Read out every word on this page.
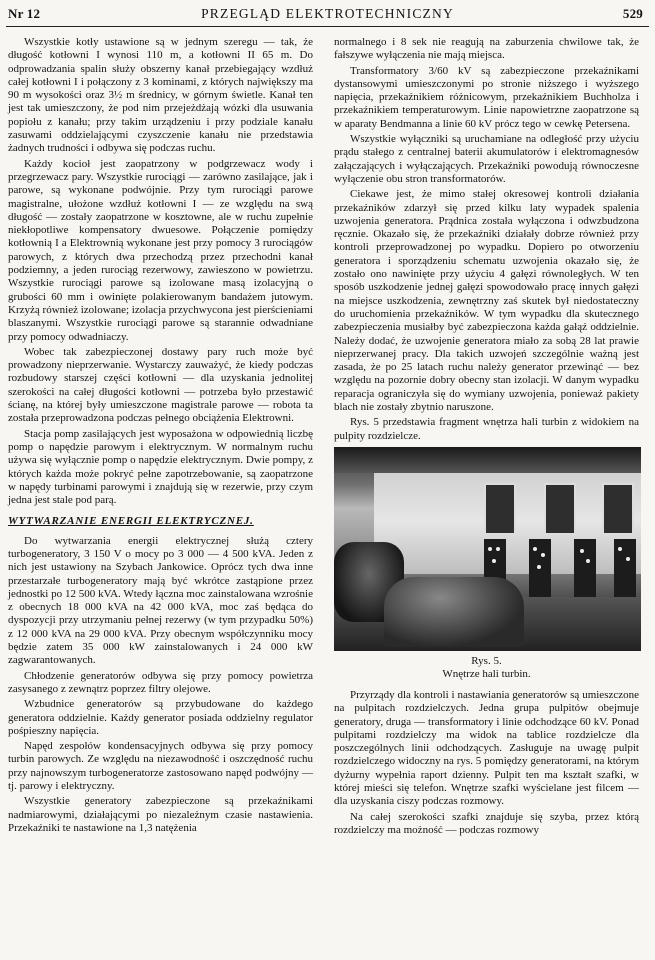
Nr 12	PRZEGLĄD ELEKTROTECHNICZNY	529

Wszystkie kotły ustawione są w jednym szeregu — tak, że długość kotłowni I wynosi 110 m, a kotłowni II 65 m. Do odprowadzania spalin służy obszerny kanał przebiegający wzdłuż całej kotłowni I i połączony z 3 kominami, z których największy ma 90 m wysokości oraz 3½ m średnicy, w górnym świetle. Kanał ten jest tak umieszczony, że pod nim przejeżdżają wózki dla usuwania popiołu z kanału; przy takim urządzeniu i przy podziale kanału zasuwami oddzielającymi czyszczenie kanału nie przedstawia żadnych trudności i odbywa się podczas ruchu.

Każdy kocioł jest zaopatrzony w podgrzewacz wody i przegrzewacz pary. Wszystkie rurociągi — zarówno zasilające, jak i parowe, są wykonane podwójnie. Przy tym rurociągi parowe magistralne, ułożone wzdłuż kotłowni I — ze względu na swą długość — zostały zaopatrzone w kosztowne, ale w ruchu zupełnie niekłopotliwe kompensatory dwuesowe. Połączenie pomiędzy kotłownią I a Elektrownią wykonane jest przy pomocy 3 rurociągów parowych, z których dwa przechodzą przez przechodni kanał podziemny, a jeden rurociąg rezerwowy, zawieszono w powietrzu. Wszystkie rurociągi parowe są izolowane masą izolacyjną o grubości 60 mm i owinięte polakierowanym bandażem jutowym. Krzyżą również izolowane; izolacja przychwycona jest pierścieniami blaszanymi. Wszystkie rurociągi parowe są starannie odwadniane przy pomocy odwadniaczy.

Wobec tak zabezpieczonej dostawy pary ruch może być prowadzony nieprzerwanie. Wystarczy zauważyć, że kiedy podczas rozbudowy starszej części kotłowni — dla uzyskania jednolitej szerokości na całej długości kotłowni — potrzeba było przestawić ścianę, na której były umieszczone magistrale parowe — robota ta została przeprowadzona podczas pełnego obciążenia Elektrowni.

Stacja pomp zasilających jest wyposażona w odpowiednią liczbę pomp o napędzie parowym i elektrycznym. W normalnym ruchu używa się wyłącznie pomp o napędzie elektrycznym. Dwie pompy, z których każda może pokryć pełne zapotrzebowanie, są zaopatrzone w napędy turbinami parowymi i znajdują się w rezerwie, przy czym jedna jest stale pod parą.

WYTWARZANIE ENERGII ELEKTRYCZNEJ.

Do wytwarzania energii elektrycznej służą cztery turbogeneratory, 3 150 V o mocy po 3 000 — 4 500 kVA. Jeden z nich jest ustawiony na Szybach Jankowice. Oprócz tych dwa inne przestarzałe turbogeneratory mają być wkrótce zastąpione przez jednostki po 12 500 kVA. Wtedy łączna moc zainstalowana wzrośnie z obecnych 18 000 kVA na 42 000 kVA, moc zaś będąca do dyspozycji przy utrzymaniu pełnej rezerwy (w tym przypadku 50%) z 12 000 kVA na 29 000 kVA. Przy obecnym współczynniku mocy będzie zatem 35 000 kW zainstalowanych i 24 000 kW zagwarantowanych.

Chłodzenie generatorów odbywa się przy pomocy powietrza zasysanego z zewnątrz poprzez filtry olejowe.

Wzbudnice generatorów są przybudowane do każdego generatora oddzielnie. Każdy generator posiada oddzielny regulator pośpieszny napięcia.

Napęd zespołów kondensacyjnych odbywa się przy pomocy turbin parowych. Ze względu na niezawodność i oszczędność ruchu przy najnowszym turbogeneratorze zastosowano napęd podwójny — tj. parowy i elektryczny.

Wszystkie generatory zabezpieczone są przekaźnikami nadmiarowymi, działającymi po niezależnym czasie nastawienia. Przekaźniki te nastawione na 1,3 natężenia

normalnego i 8 sek nie reagują na zaburzenia chwilowe tak, że fałszywe wyłączenia nie mają miejsca.

Transformatory 3/60 kV są zabezpieczone przekaźnikami dystansowymi umieszczonymi po stronie niższego i wyższego napięcia, przekaźnikiem różnicowym, przekaźnikiem Buchholza i przekaźnikiem temperaturowym. Linie napowietrzne zaopatrzone są w aparaty Bendmanna a linie 60 kV prócz tego w cewkę Petersena.

Wszystkie wyłączniki są uruchamiane na odległość przy użyciu prądu stałego z centralnej baterii akumulatorów i elektromagnesów załączających i wyłączających. Przekaźniki powodują równoczesne wyłączenie obu stron transformatorów.

Ciekawe jest, że mimo stałej okresowej kontroli działania przekaźników zdarzył się przed kilku laty wypadek spalenia uzwojenia generatora. Prądnica została wyłączona i odwzbudzona ręcznie. Okazało się, że przekaźniki działały dobrze również przy kontroli przeprowadzonej po wypadku. Dopiero po otworzeniu generatora i sporządzeniu schematu uzwojenia okazało się, że zostało ono nawinięte przy użyciu 4 gałęzi równoległych. W ten sposób uszkodzenie jednej gałęzi spowodowało pracę innych gałęzi na miejsce uszkodzenia, zewnętrzny zaś skutek był niedostateczny do uruchomienia przekaźników. W tym wypadku dla skutecznego zabezpieczenia musiałby być zabezpieczona każda gałąź oddzielnie. Należy dodać, że uzwojenie generatora miało za sobą 28 lat prawie nieprzerwanej pracy. Dla takich uzwojeń szczególnie ważną jest zasada, że po 25 latach ruchu należy generator przewinąć — bez względu na pozornie dobry obecny stan izolacji. W danym wypadku reparacja ograniczyła się do wymiany uzwojenia, ponieważ pakiety blach nie zostały zbytnio naruszone.

Rys. 5 przedstawia fragment wnętrza hali turbin z widokiem na pulpity rozdzielcze.

Rys. 5.
Wnętrze hali turbin.

Przyrządy dla kontroli i nastawiania generatorów są umieszczone na pulpitach rozdzielczych. Jedna grupa pulpitów obejmuje generatory, druga — transformatory i linie odchodzące 60 kV. Ponad pulpitami rozdzielczy ma widok na tablice rozdzielcze dla poszczególnych linii odchodzących. Zasługuje na uwagę pulpit rozdzielczego widoczny na rys. 5 pomiędzy generatorami, na którym dyżurny wypełnia raport dzienny. Pulpit ten ma kształt szafki, w której mieści się telefon. Wnętrze szafki wyścielane jest filcem — dla uzyskania ciszy podczas rozmowy.

Na całej szerokości szafki znajduje się szyba, przez którą rozdzielczy ma możność — podczas rozmowy
